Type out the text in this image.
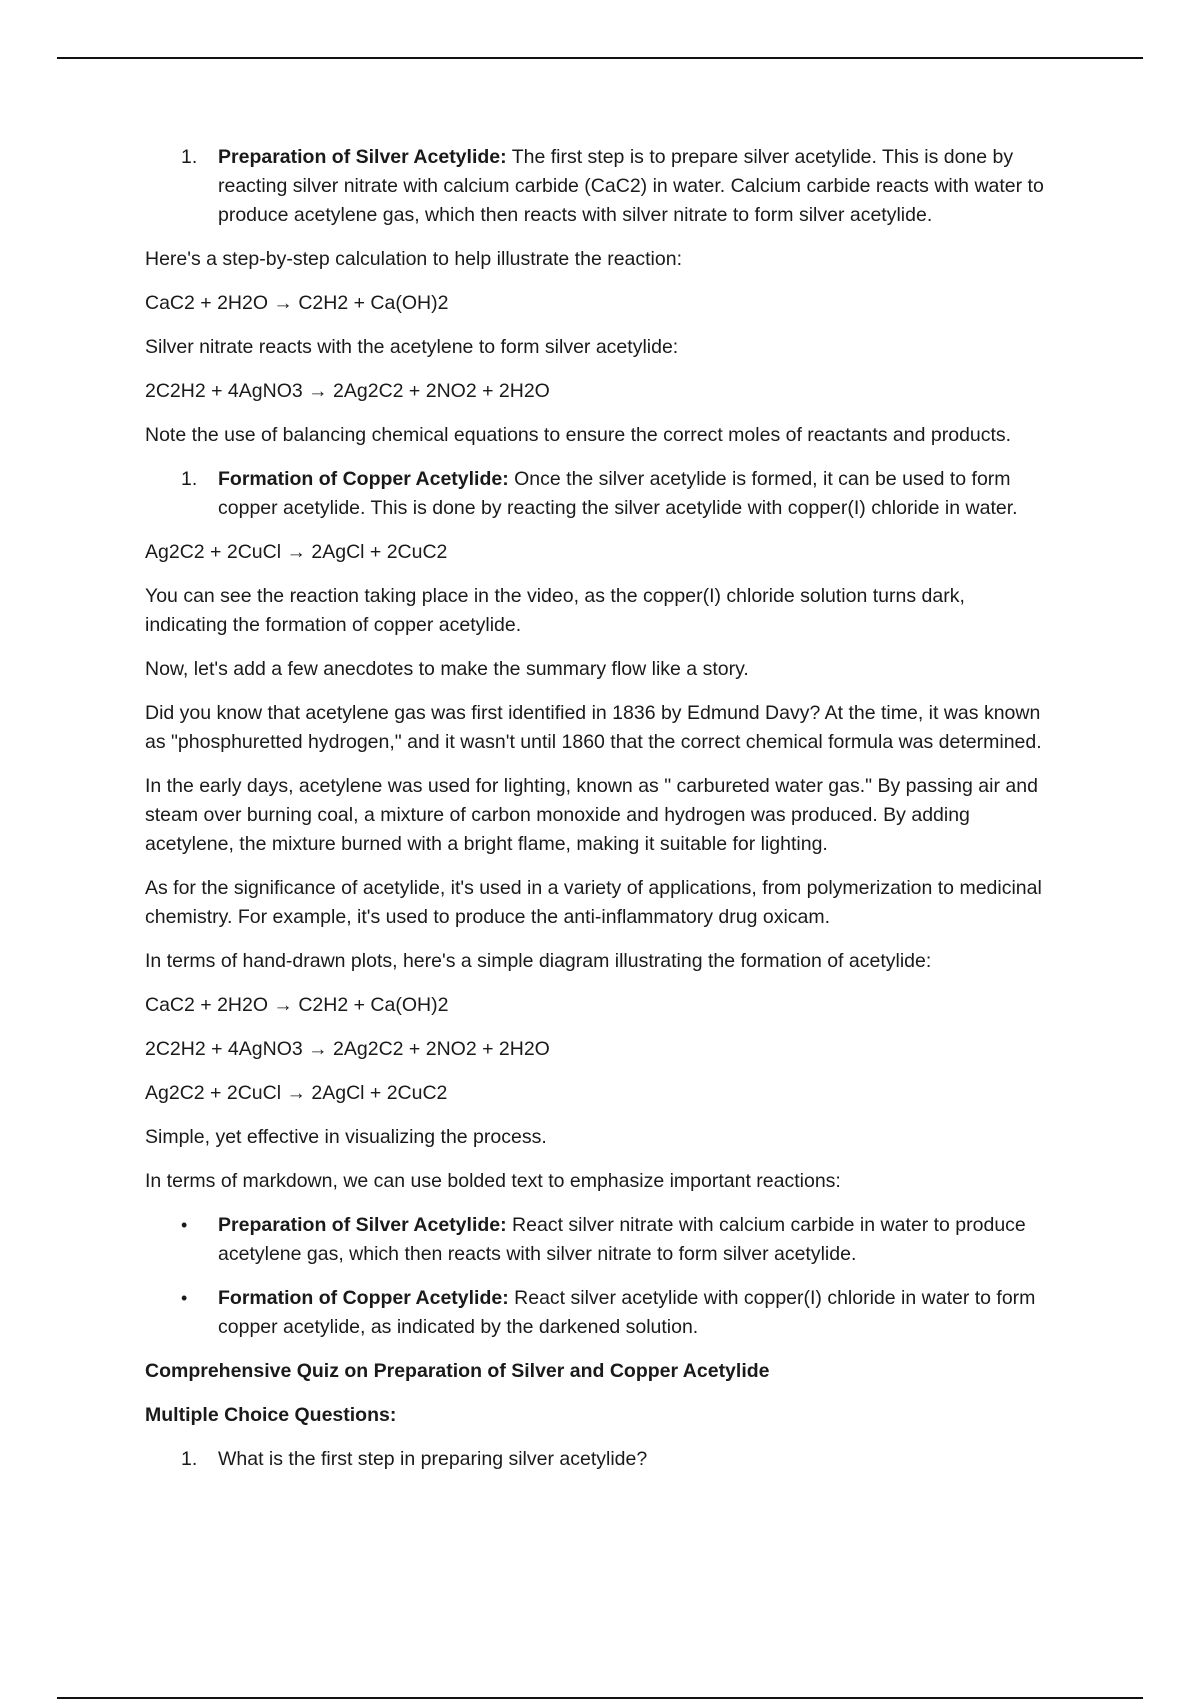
1.	Preparation of Silver Acetylide: The first step is to prepare silver acetylide. This is done by reacting silver nitrate with calcium carbide (CaC2) in water. Calcium carbide reacts with water to produce acetylene gas, which then reacts with silver nitrate to form silver acetylide.

Here's a step-by-step calculation to help illustrate the reaction:

CaC2 + 2H2O → C2H2 + Ca(OH)2

Silver nitrate reacts with the acetylene to form silver acetylide:

2C2H2 + 4AgNO3 → 2Ag2C2 + 2NO2 + 2H2O

Note the use of balancing chemical equations to ensure the correct moles of reactants and products.

1.	Formation of Copper Acetylide: Once the silver acetylide is formed, it can be used to form copper acetylide. This is done by reacting the silver acetylide with copper(I) chloride in water.

Ag2C2 + 2CuCl → 2AgCl + 2CuC2

You can see the reaction taking place in the video, as the copper(I) chloride solution turns dark, indicating the formation of copper acetylide.

Now, let's add a few anecdotes to make the summary flow like a story.

Did you know that acetylene gas was first identified in 1836 by Edmund Davy? At the time, it was known as "phosphuretted hydrogen," and it wasn't until 1860 that the correct chemical formula was determined.

In the early days, acetylene was used for lighting, known as " carbureted water gas." By passing air and steam over burning coal, a mixture of carbon monoxide and hydrogen was produced. By adding acetylene, the mixture burned with a bright flame, making it suitable for lighting.

As for the significance of acetylide, it's used in a variety of applications, from polymerization to medicinal chemistry. For example, it's used to produce the anti-inflammatory drug oxicam.

In terms of hand-drawn plots, here's a simple diagram illustrating the formation of acetylide:

CaC2 + 2H2O → C2H2 + Ca(OH)2

2C2H2 + 4AgNO3 → 2Ag2C2 + 2NO2 + 2H2O

Ag2C2 + 2CuCl → 2AgCl + 2CuC2

Simple, yet effective in visualizing the process.

In terms of markdown, we can use bolded text to emphasize important reactions:

•	Preparation of Silver Acetylide: React silver nitrate with calcium carbide in water to produce acetylene gas, which then reacts with silver nitrate to form silver acetylide.
•	Formation of Copper Acetylide: React silver acetylide with copper(I) chloride in water to form copper acetylide, as indicated by the darkened solution.

Comprehensive Quiz on Preparation of Silver and Copper Acetylide

Multiple Choice Questions:

1.	What is the first step in preparing silver acetylide?
